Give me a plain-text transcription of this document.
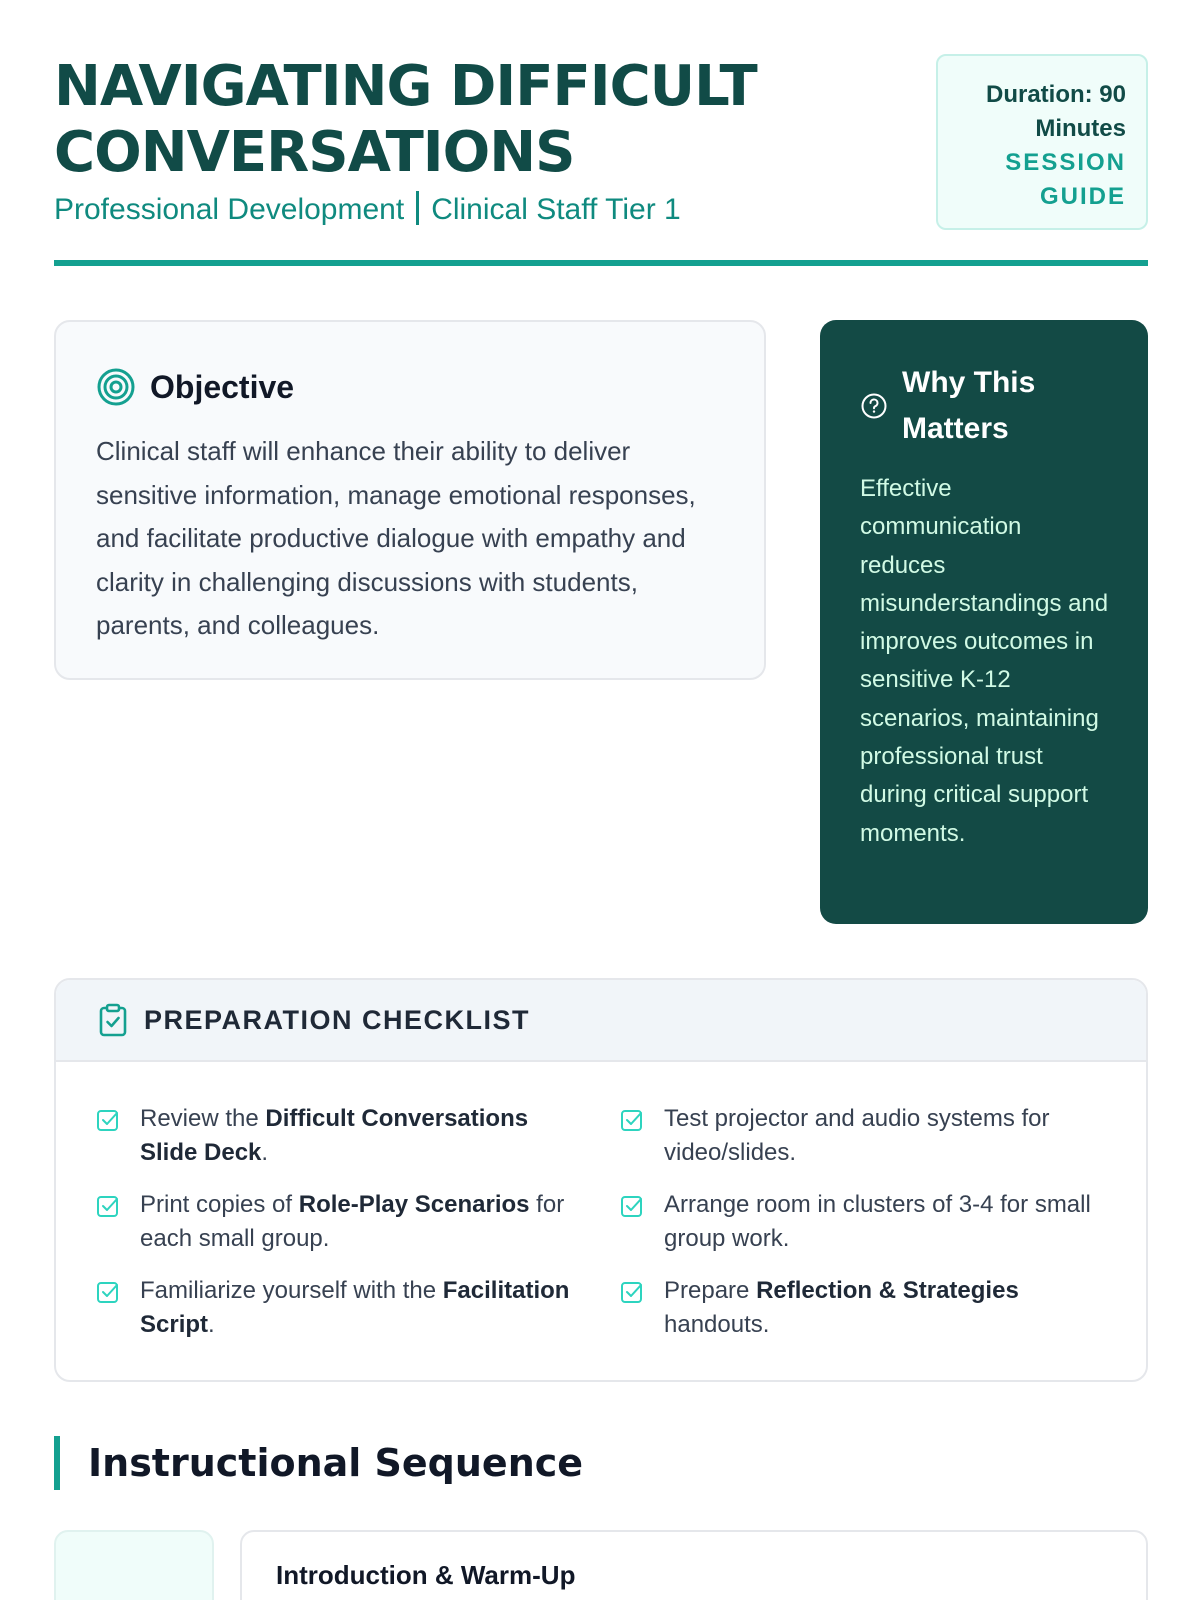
NAVIGATING DIFFICULT CONVERSATIONS
Professional Development Clinical Staff Tier 1
Duration: 90 Minutes
SESSION GUIDE
Objective
Clinical staff will enhance their ability to deliver sensitive information, manage emotional responses, and facilitate productive dialogue with empathy and clarity in challenging discussions with students, parents, and colleagues.
Why This Matters
Effective communication reduces misunderstandings and improves outcomes in sensitive K-12 scenarios, maintaining professional trust during critical support moments.
PREPARATION CHECKLIST
Review the Difficult Conversations Slide Deck.
Test projector and audio systems for video/slides.
Print copies of Role-Play Scenarios for each small group.
Arrange room in clusters of 3-4 for small group work.
Familiarize yourself with the Facilitation Script.
Prepare Reflection & Strategies handouts.
Instructional Sequence
Introduction & Warm-Up
